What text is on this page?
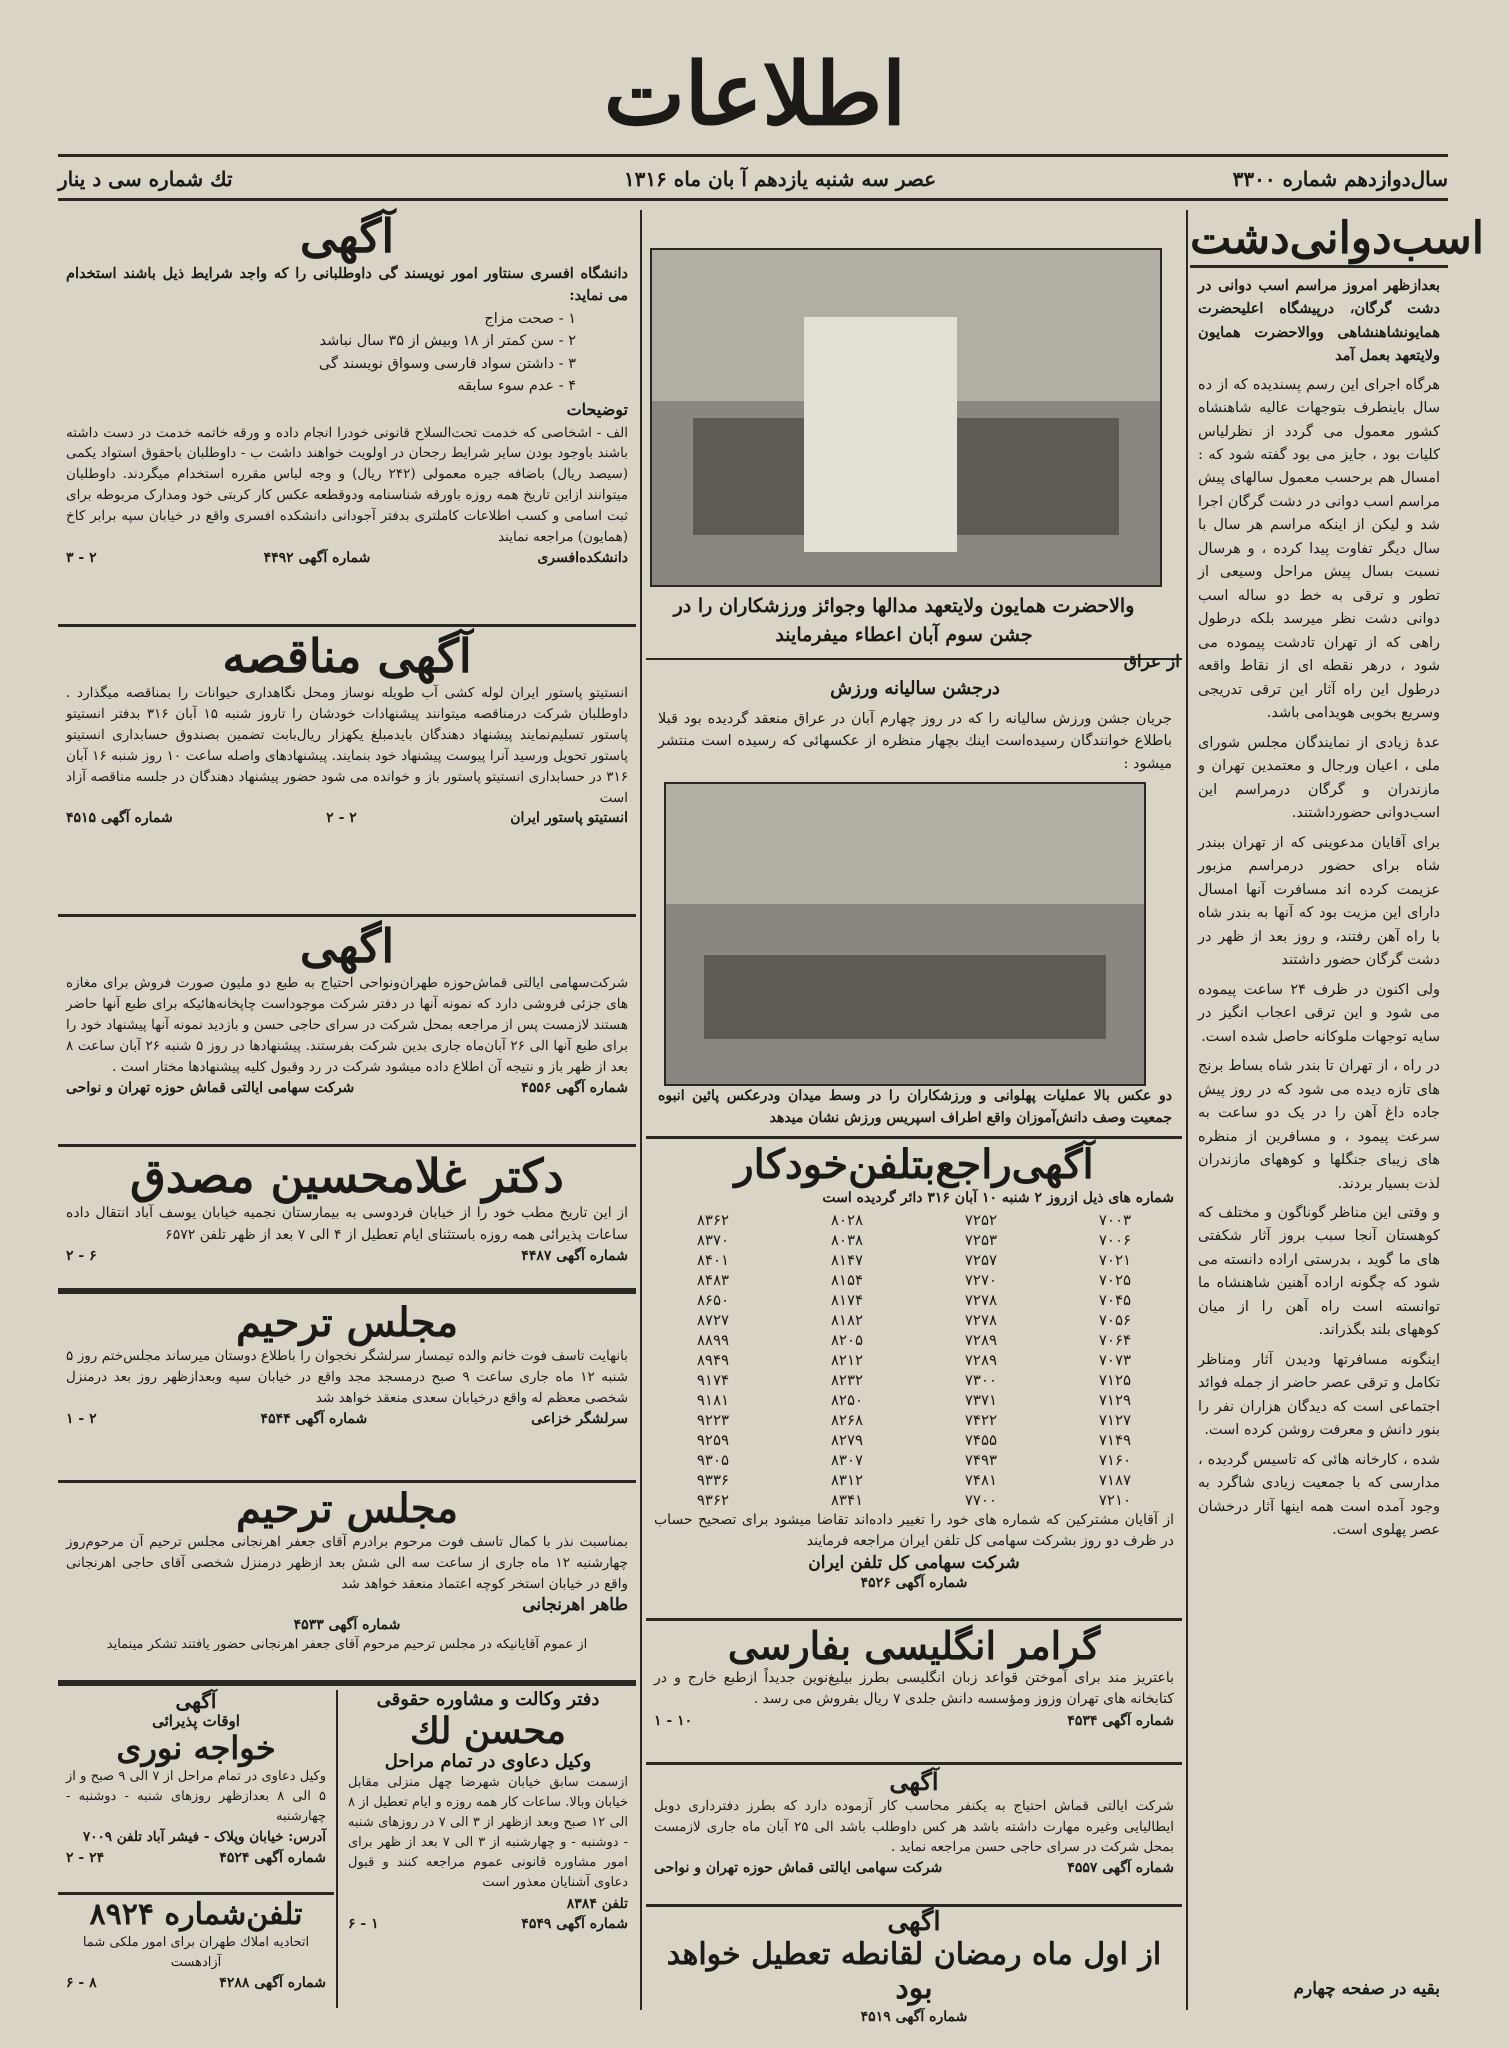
اطلاعات
سال‌دوازدهم شماره ۳۳۰۰
عصر سه شنبه یازدهم آ بان ماه ۱۳۱۶
تك شماره سی د ینار
اسب‌دوانی‌دشت

بعدازظهر امروز مراسم اسب دوانی در دشت گرگان، درپیشگاه اعلیحضرت همایونشاهنشاهی ووالاحضرت همایون ولایتعهد بعمل آمد

هرگاه اجرای این رسم پسندیده که از ده سال باینطرف بتوجهات عالیه شاهنشاه کشور معمول می گردد از نظرلیاس کلیات بود ، جایز می بود گفته شود که : امسال هم برحسب معمول سالهای پیش مراسم اسب دوانی در دشت گرگان اجرا شد و لیکن از اینکه مراسم هر سال با سال دیگر تفاوت پیدا کرده ، و هرسال نسبت بسال پیش مراحل وسیعی از تطور و ترقی به خط دو ساله اسب دوانی دشت نظر میرسد بلکه درطول راهی که از تهران تادشت پیموده می شود ، درهر نقطه ای از نقاط واقعه درطول این راه آثار این ترقی تدریجی وسریع بخوبی هویدامی باشد.

عدهٔ زیادی از نمایندگان مجلس شورای ملی ، اعیان ورجال و معتمدین تهران و مازندران و گرگان درمراسم این اسب‌دوانی حضورداشتند.

برای آقایان مدعوینی که از تهران ببندر شاه برای حضور درمراسم مزبور عزیمت کرده اند مسافرت آنها امسال دارای این مزیت بود که آنها به بندر شاه با راه آهن رفتند، و روز بعد از ظهر در دشت گرگان حضور داشتند

ولی اکنون در ظرف ۲۴ ساعت پیموده می شود و این ترقی اعجاب انگیز در سایه توجهات ملوکانه حاصل شده است.

در راه ، از تهران تا بندر شاه بساط برنج های تازه دیده می شود که در روز پیش جاده داغ آهن را در یک دو ساعت به سرعت پیمود ، و مسافرین از منظره های زیبای جنگلها و کوههای مازندران لذت بسیار بردند.

و وقتی این مناظر گوناگون و مختلف که کوهستان آنجا سبب بروز آثار شکفتی های ما گوید ، بدرستی اراده دانسته می شود که چگونه اراده آهنین شاهنشاه ما توانسته است راه آهن را از میان کوههای بلند بگذراند.

اینگونه مسافرتها ودیدن آثار ومناظر تکامل و ترقی عصر حاضر از جمله فوائد اجتماعی است که دیدگان هزاران نفر را بنور دانش و معرفت روشن کرده است.

شده ، کارخانه هائی که تاسیس گردیده ، مدارسی که با جمعیت زیادی شاگرد به وجود آمده است همه اینها آثار درخشان عصر پهلوی است.

بقیه در صفحه چهارم
والاحضرت همایون ولایتعهد مدالها وجوائز ورزشكاران را در جشن سوم آبان اعطاء میفرمایند
از عراق
درجشن سالیانه ورزش
جریان جشن ورزش سالیانه را كه در روز چهارم آبان در عراق منعقد گردیده بود قبلا باطلاع خوانندگان رسیده‌است اینك بچهار منظره از عكسهائی که رسیده است منتشر میشود :
دو عكس بالا عملیات پهلوانی و ورزشكاران را در وسط میدان ودرعكس پائین انبوه جمعیت وصف دانش‌آموزان واقع اطراف اسپریس ورزش نشان میدهد
آگهی‌راجع‌بتلفن‌خودکار
شماره های ذیل ازروز ۲ شنبه ۱۰ آبان ۳۱۶ دائر گردیده است
۷۰۰۳	۷۲۵۲	۸۰۲۸	۸۳۶۲
۷۰۰۶	۷۲۵۳	۸۰۳۸	۸۳۷۰
۷۰۲۱	۷۲۵۷	۸۱۴۷	۸۴۰۱
۷۰۲۵	۷۲۷۰	۸۱۵۴	۸۴۸۳
۷۰۴۵	۷۲۷۸	۸۱۷۴	۸۶۵۰
۷۰۵۶	۷۲۷۸	۸۱۸۲	۸۷۲۷
۷۰۶۴	۷۲۸۹	۸۲۰۵	۸۸۹۹
۷۰۷۳	۷۲۸۹	۸۲۱۲	۸۹۴۹
۷۱۲۵	۷۳۰۰	۸۲۳۲	۹۱۷۴
۷۱۲۹	۷۳۷۱	۸۲۵۰	۹۱۸۱
۷۱۲۷	۷۴۲۲	۸۲۶۸	۹۲۲۳
۷۱۴۹	۷۴۵۵	۸۲۷۹	۹۲۵۹
۷۱۶۰	۷۴۹۳	۸۳۰۷	۹۳۰۵
۷۱۸۷	۷۴۸۱	۸۳۱۲	۹۳۳۶
۷۲۱۰	۷۷۰۰	۸۳۴۱	۹۳۶۲
از آقایان مشترکین که شماره های خود را تغییر داده‌اند تقاضا میشود برای تصحیح حساب در ظرف دو روز بشرکت سهامی کل تلفن ایران مراجعه فرمایند
شرکت سهامی کل تلفن ایران
شماره آگهی ۴۵۲۶
گرامر انگلیسی بفارسی
باعتریز مند برای آموختن قواعد زبان انگلیسی بطرز بیلیغ‌نوین جدیداً ازطبع خارج و در کتابخانه های تهران وزوز ومؤسسه دانش جلدی ۷ ریال بفروش می رسد .
شماره آگهی ۴۵۳۴
۱۰ - ۱
آگهی
شرکت ایالتی قماش احتیاج به یکنفر محاسب کار آزموده دارد که بطرز دفترداری دوبل ایطالیایی وغیره مهارت داشته باشد هر کس داوطلب باشد الی ۲۵ آبان ماه جاری لازمست بمحل شرکت در سرای حاجی حسن مراجعه نماید .
شماره آگهی ۴۵۵۷
شرکت سهامی ایالتی قماش حوزه تهران و نواحی
اگهی
از اول ماه رمضان لقانطه تعطیل خواهد بود
شماره آگهی ۴۵۱۹
آگهی
دانشگاه افسری سنتاور امور نویسند گی داوطلبانی را که واجد شرایط ذیل باشند استخدام می نماید:
۱ - صحت مزاج
۲ - سن کمتر از ۱۸ وبیش از ۳۵ سال نباشد
۳ - داشتن سواد فارسی وسواق نویسند گی
۴ - عدم سوء سابقه
توضیحات
الف - اشخاصی که خدمت تحت‌السلاح قانونی خودرا انجام داده و ورقه خاتمه خدمت در دست داشته باشند باوجود بودن سایر شرایط رجحان در اولویت خواهند داشت ب - داوطلبان باحقوق استواد یکمی (سیصد ریال) باضافه جیره معمولی (۲۴۲ ریال) و وجه لباس مقرره استخدام میگردند. داوطلبان میتوانند ازاین تاریخ همه روزه باورقه شناسنامه ودوقطعه عکس کار کربتی خود ومدارک مربوطه برای ثبت اسامی و کسب اطلاعات کاملتری بدفتر آجودانی دانشکده افسری واقع در خیابان سپه برابر کاخ (همایون) مراجعه نمایند
دانشکده‌افسری
شماره آگهی ۴۴۹۲
۲ - ۳
آگهی مناقصه
انستیتو پاستور ایران لوله کشی آب طویله نوساز ومحل نگاهداری حیوانات را بمناقصه میگذارد . داوطلبان شرکت درمناقصه میتوانند پیشنهادات خودشان را تاروز شنبه ۱۵ آبان ۳۱۶ بدفتر انستیتو پاستور تسلیم‌نمایند پیشنهاد دهندگان بایدمبلغ یکهزار ریال‌بابت تضمین بصندوق حسابداری انستیتو پاستور تحویل ورسید آنرا پیوست پیشنهاد خود بنمایند. پیشنهادهای واصله ساعت ۱۰ روز شنبه ۱۶ آبان ۳۱۶ در حسابداری انستیتو پاستور باز و خوانده می شود حضور پیشنهاد دهندگان در جلسه مناقصه آزاد است
انستیتو پاستور ایران
۲ - ۲
شماره آگهی ۴۵۱۵
اگهی
شرکت‌سهامی ایالتی قماش‌حوزه طهران‌ونواحی احتیاج به طبع دو ملیون صورت فروش برای مغازه های جزئی فروشی دارد که نمونه آنها در دفتر شرکت موجوداست چاپخانه‌هائیکه برای طبع آنها حاضر هستند لازمست پس از مراجعه بمحل شرکت در سرای حاجی حسن و بازدید نمونه آنها پیشنهاد خود را برای طبع آنها الی ۲۶ آبان‌ماه جاری بدین شرکت بفرستند. پیشنهادها در روز ۵ شنبه ۲۶ آبان ساعت ۸ بعد از ظهر باز و نتیجه آن اطلاع داده میشود شرکت در رد وقبول کلیه پیشنهادها مختار است .
شماره آگهی ۴۵۵۶
شرکت سهامی ایالتی قماش حوزه تهران و نواحی
دكتر غلامحسین مصدق
از این تاریخ مطب خود را از خیابان فردوسی به بیمارستان نجمیه خیابان یوسف آباد انتقال داده ساعات پذیرائی همه روزه باستثنای ایام تعطیل از ۴ الی ۷ بعد از ظهر تلفن ۶۵۷۲
شماره آگهی ۴۴۸۷
۶ - ۲
مجلس ترحیم
بانهایت تاسف فوت خانم والده تیمسار سرلشگر نخجوان را باطلاع دوستان میرساند مجلس‌ختم روز ۵ شنبه ۱۲ ماه جاری ساعت ۹ صبح درمسجد مجد واقع در خیابان سپه وبعدازظهر روز بعد درمنزل شخصی معظم له واقع درخیابان سعدی منعقد خواهد شد
سرلشگر خزاعی
شماره آگهی ۴۵۴۴
۲ - ۱
مجلس ترحیم
بمناسبت نذر با کمال تاسف فوت مرحوم برادرم آقای جعفر اهرنجانی مجلس ترحیم آن مرحوم‌روز چهارشنبه ۱۲ ماه جاری از ساعت سه الی شش بعد ازظهر درمنزل شخصی آقای حاجی اهرنجانی واقع در خیابان استخر کوچه اعتماد منعقد خواهد شد
طاهر اهرنجانی
شماره آگهی ۴۵۳۳
از عموم آقایانیکه در مجلس ترحیم مرحوم آقای جعفر اهرنجانی حضور یافتند تشکر مینماید
آگهی
اوقات پذیرائی
خواجه نوری
وکیل دعاوی در تمام مراحل از ۷ الی ۹ صبح و از ۵ الی ۸ بعدازظهر روزهای شنبه - دوشنبه - چهارشنبه
آدرس: خیابان وپلاک - فیشر آباد تلفن ۷۰۰۹
شماره آگهی ۴۵۲۴
۲۴ - ۲
تلفن‌شماره ۸۹۲۴
اتحادیه املاك طهران برای امور ملكی شما آزادهست
شماره آگهی ۴۲۸۸
۸ - ۶
دفتر وكالت و مشاوره حقوقی
محسن لك
وکیل دعاوی در تمام مراحل
ازسمت سابق خیابان شهرضا چهل منزلی مقابل خیابان وبالا. ساعات کار همه روزه و ایام تعطیل از ۸ الی ۱۲ صبح وبعد ازظهر از ۳ الی ۷ در روزهای شنبه - دوشنبه - و چهارشنبه از ۳ الی ۷ بعد از ظهر برای امور مشاوره قانونی عموم مراجعه كنند و قبول دعاوی آشنایان معذور است
تلفن ۸۳۸۴
شماره آگهی ۴۵۴۹
۱ - ۶
